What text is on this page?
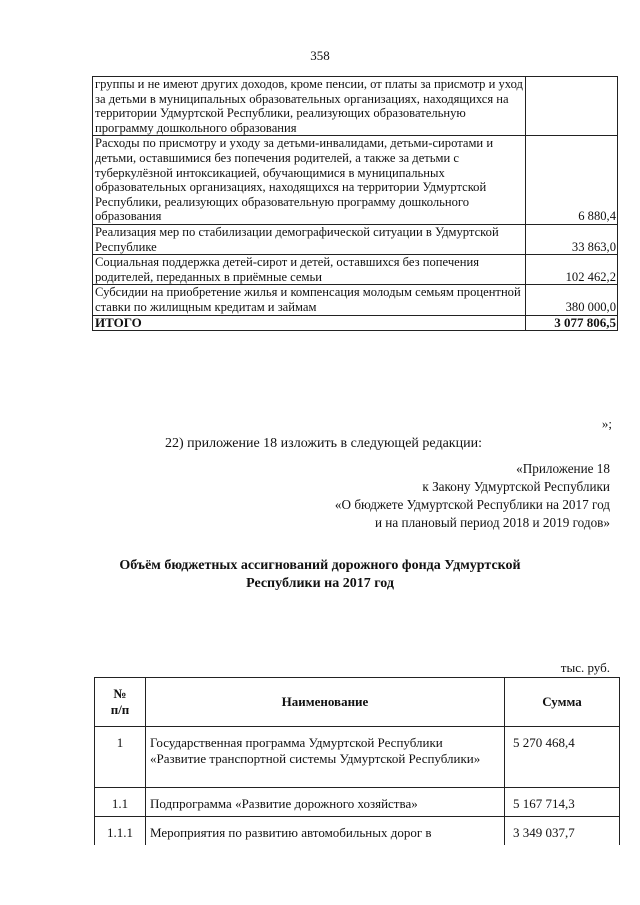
358
группы и не имеют других доходов, кроме пенсии, от платы за присмотр и уход за детьми в муниципальных образовательных организациях, находящихся на территории Удмуртской Республики, реализующих образовательную программу дошкольного образования	
Расходы по присмотру и уходу за детьми-инвалидами, детьми-сиротами и детьми, оставшимися без попечения родителей, а также за детьми с туберкулёзной интоксикацией, обучающимися в муниципальных образовательных организациях, находящихся на территории Удмуртской Республики, реализующих образовательную программу дошкольного образования	6 880,4
Реализация мер по стабилизации демографической ситуации в Удмуртской Республике	33 863,0
Социальная поддержка детей-сирот и детей, оставшихся без попечения родителей, переданных в приёмные семьи	102 462,2
Субсидии на приобретение жилья и компенсация молодым семьям процентной ставки по жилищным кредитам и займам	380 000,0
ИТОГО	3 077 806,5
»;
22) приложение 18 изложить в следующей редакции:
«Приложение 18
к Закону Удмуртской Республики
«О бюджете Удмуртской Республики на 2017 год
и на плановый период 2018 и 2019 годов»
Объём бюджетных ассигнований дорожного фонда Удмуртской
Республики на 2017 год
тыс. руб.
№
п/п	Наименование	Сумма
1	Государственная программа Удмуртской Республики «Развитие транспортной системы Удмуртской Республики»	5 270 468,4
1.1	Подпрограмма «Развитие дорожного хозяйства»	5 167 714,3
1.1.1	Мероприятия по развитию автомобильных дорог в	3 349 037,7
